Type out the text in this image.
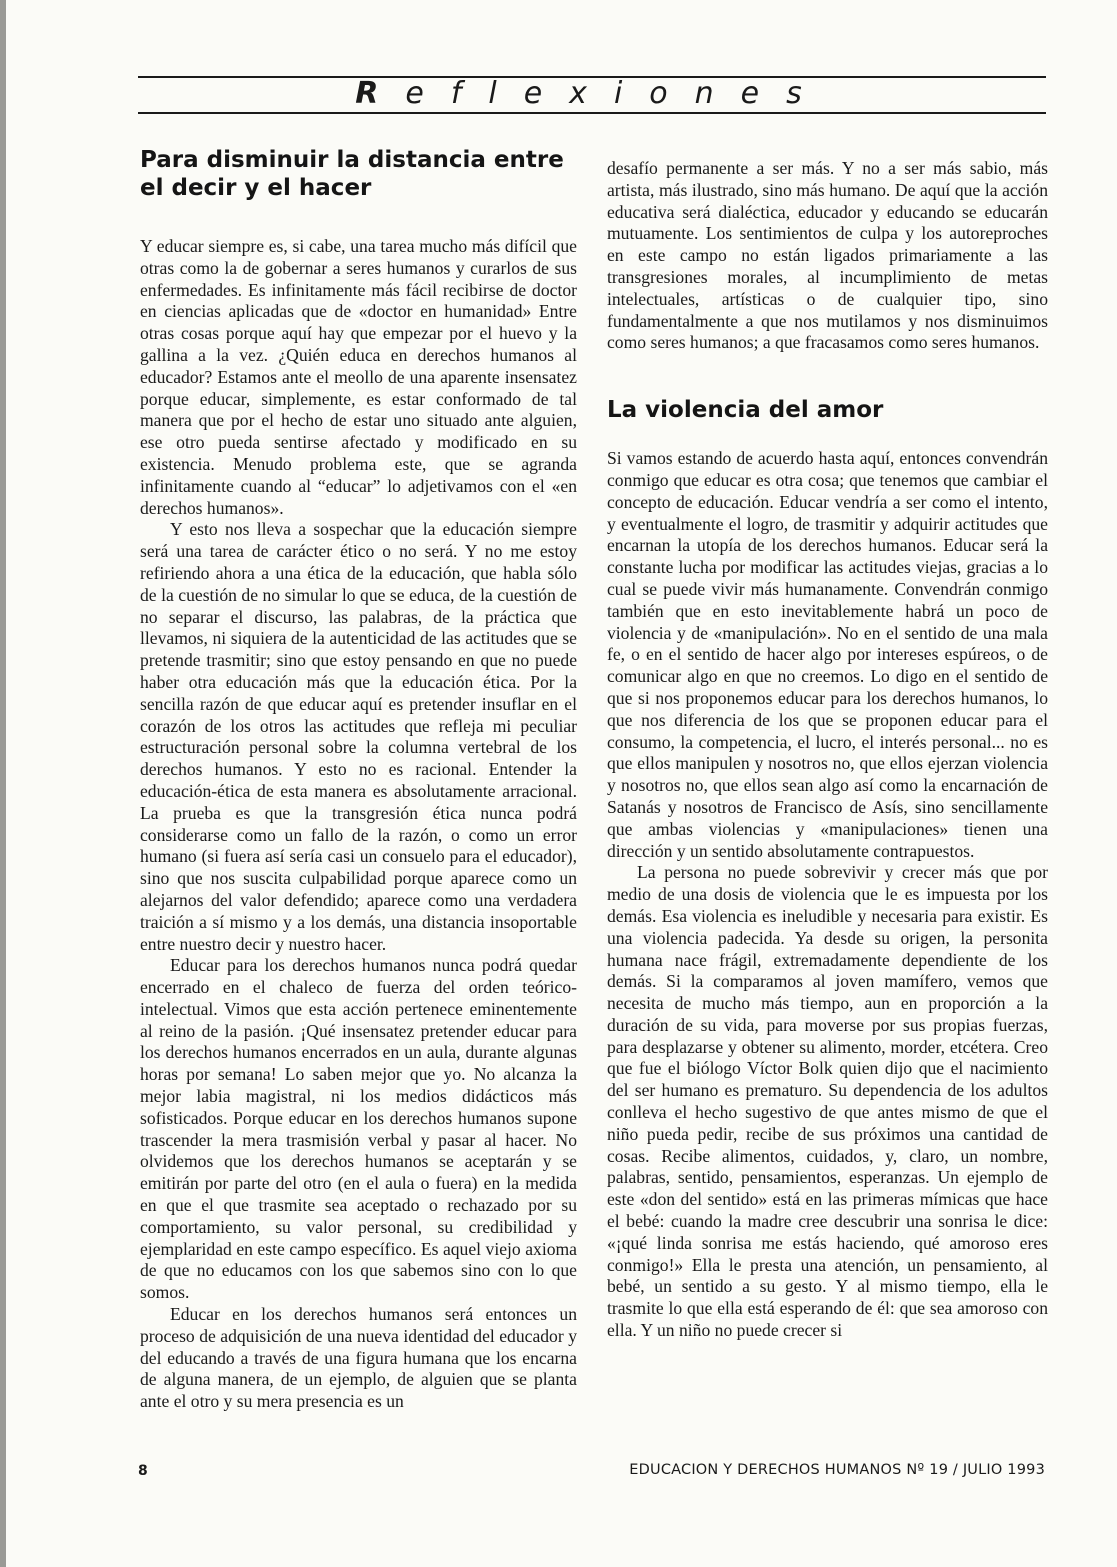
Reflexiones
Para disminuir la distancia entre el decir y el hacer

Y educar siempre es, si cabe, una tarea mucho más difícil que otras como la de gobernar a seres humanos y curarlos de sus enfermedades. Es infinitamente más fácil recibirse de doctor en ciencias aplicadas que de «doctor en humanidad» Entre otras cosas porque aquí hay que empezar por el huevo y la gallina a la vez. ¿Quién educa en derechos humanos al educador? Estamos ante el meollo de una aparente insensatez porque educar, simplemente, es estar conformado de tal manera que por el hecho de estar uno situado ante alguien, ese otro pueda sentirse afectado y modificado en su existencia. Menudo problema este, que se agranda infinitamente cuando al “educar” lo adjetivamos con el «en derechos humanos».

Y esto nos lleva a sospechar que la educación siempre será una tarea de carácter ético o no será. Y no me estoy refiriendo ahora a una ética de la educación, que habla sólo de la cuestión de no simular lo que se educa, de la cuestión de no separar el discurso, las palabras, de la práctica que llevamos, ni siquiera de la autenticidad de las actitudes que se pretende trasmitir; sino que estoy pensando en que no puede haber otra educación más que la educación ética. Por la sencilla razón de que educar aquí es pretender insuflar en el corazón de los otros las actitudes que refleja mi peculiar estructuración personal sobre la columna vertebral de los derechos humanos. Y esto no es racional. Entender la educación-ética de esta manera es absolutamente arracional. La prueba es que la transgresión ética nunca podrá considerarse como un fallo de la razón, o como un error humano (si fuera así sería casi un consuelo para el educador), sino que nos suscita culpabilidad porque aparece como un alejarnos del valor defendido; aparece como una verdadera traición a sí mismo y a los demás, una distancia insoportable entre nuestro decir y nuestro hacer.

Educar para los derechos humanos nunca podrá quedar encerrado en el chaleco de fuerza del orden teórico-intelectual. Vimos que esta acción pertenece eminentemente al reino de la pasión. ¡Qué insensatez pretender educar para los derechos humanos encerrados en un aula, durante algunas horas por semana! Lo saben mejor que yo. No alcanza la mejor labia magistral, ni los medios didácticos más sofisticados. Porque educar en los derechos humanos supone trascender la mera trasmisión verbal y pasar al hacer. No olvidemos que los derechos humanos se aceptarán y se emitirán por parte del otro (en el aula o fuera) en la medida en que el que trasmite sea aceptado o rechazado por su comportamiento, su valor personal, su credibilidad y ejemplaridad en este campo específico. Es aquel viejo axioma de que no educamos con los que sabemos sino con lo que somos.

Educar en los derechos humanos será entonces un proceso de adquisición de una nueva identidad del educador y del educando a través de una figura humana que los encarna de alguna manera, de un ejemplo, de alguien que se planta ante el otro y su mera presencia es un

desafío permanente a ser más. Y no a ser más sabio, más artista, más ilustrado, sino más humano. De aquí que la acción educativa será dialéctica, educador y educando se educarán mutuamente. Los sentimientos de culpa y los autoreproches en este campo no están ligados primariamente a las transgresiones morales, al incumplimiento de metas intelectuales, artísticas o de cualquier tipo, sino fundamentalmente a que nos mutilamos y nos disminuimos como seres humanos; a que fracasamos como seres humanos.

La violencia del amor

Si vamos estando de acuerdo hasta aquí, entonces convendrán conmigo que educar es otra cosa; que tenemos que cambiar el concepto de educación. Educar vendría a ser como el intento, y eventualmente el logro, de trasmitir y adquirir actitudes que encarnan la utopía de los derechos humanos. Educar será la constante lucha por modificar las actitudes viejas, gracias a lo cual se puede vivir más humanamente. Convendrán conmigo también que en esto inevitablemente habrá un poco de violencia y de «manipulación». No en el sentido de una mala fe, o en el sentido de hacer algo por intereses espúreos, o de comunicar algo en que no creemos. Lo digo en el sentido de que si nos proponemos educar para los derechos humanos, lo que nos diferencia de los que se proponen educar para el consumo, la competencia, el lucro, el interés personal... no es que ellos manipulen y nosotros no, que ellos ejerzan violencia y nosotros no, que ellos sean algo así como la encarnación de Satanás y nosotros de Francisco de Asís, sino sencillamente que ambas violencias y «manipulaciones» tienen una dirección y un sentido absolutamente contrapuestos.

La persona no puede sobrevivir y crecer más que por medio de una dosis de violencia que le es impuesta por los demás. Esa violencia es ineludible y necesaria para existir. Es una violencia padecida. Ya desde su origen, la personita humana nace frágil, extremadamente dependiente de los demás. Si la comparamos al joven mamífero, vemos que necesita de mucho más tiempo, aun en proporción a la duración de su vida, para moverse por sus propias fuerzas, para desplazarse y obtener su alimento, morder, etcétera. Creo que fue el biólogo Víctor Bolk quien dijo que el nacimiento del ser humano es prematuro. Su dependencia de los adultos conlleva el hecho sugestivo de que antes mismo de que el niño pueda pedir, recibe de sus próximos una cantidad de cosas. Recibe alimentos, cuidados, y, claro, un nombre, palabras, sentido, pensamientos, esperanzas. Un ejemplo de este «don del sentido» está en las primeras mímicas que hace el bebé: cuando la madre cree descubrir una sonrisa le dice: «¡qué linda sonrisa me estás haciendo, qué amoroso eres conmigo!» Ella le presta una atención, un pensamiento, al bebé, un sentido a su gesto. Y al mismo tiempo, ella le trasmite lo que ella está esperando de él: que sea amoroso con ella. Y un niño no puede crecer si

8	EDUCACION Y DERECHOS HUMANOS Nº 19 / JULIO 1993
